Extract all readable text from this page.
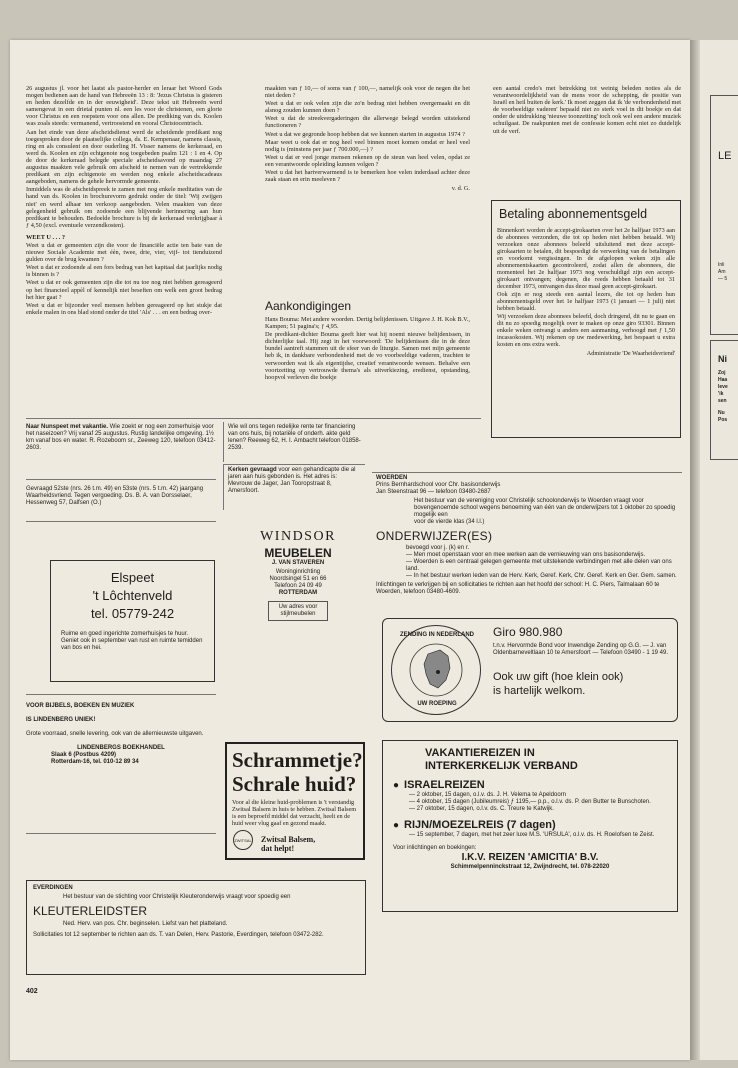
26 augustus jl. voor het laatst als pastor-herder en leraar het Woord Gods mogen bedienen aan de hand van Hebreeën 13 : 8: 'Jezus Christus is gisteren en heden dezelfde en in der eeuwigheid'. Deze tekst uit Hebreeën werd samengevat in een drietal punten nl. een les voor de christenen, een glorie voor Christus en een roepstem voor ons allen. De prediking van ds. Koolen was zoals steeds: vermanend, vertroostend en vooral Christocentrisch.

Aan het einde van deze afscheidsdienst werd de scheidende predikant nog toegesproken door de plaatselijke collega, ds. E. Kempenaar, namens classis, ring en als consulent en door ouderling H. Visser namens de kerkeraad, en werd ds. Koolen en zijn echtgenote nog toegebeden psalm 121 : 1 en 4. Op de door de kerkeraad belegde speciale afscheidsavond op maandag 27 augustus maakten vele gebruik om afscheid te nemen van de vertrekkende predikant en zijn echtgenote en werden nog enkele afscheidscadeaus aangeboden, namens de gehele hervormde gemeente.

Inmiddels was de afscheidspreek te zamen met nog enkele meditaties van de hand van ds. Koolen in brochurevorm gedrukt onder de titel: 'Wij zwijgen niet' en werd alhaar ten verkoop aangeboden. Velen maakten van deze gelegenheid gebruik om zodoende een blijvende herinnering aan hun predikant te behouden. Bedoelde brochure is bij de kerkeraad verkrijgbaar à ƒ 4,50 (excl. eventuele verzendkosten).

WEET U . . . ?

Weet u dat er gemeenten zijn die voor de financiële actie ten bate van de nieuwe Sociale Academie met één, twee, drie, vier, vijf- tot tienduizend gulden over de brug kwamen ?

Weet u dat er zodoende al een fors bedrag van het kapitaal dat jaarlijks nodig is binnen is ?

Weet u dat er ook gemeenten zijn die tot nu toe nog niet hebben gereageerd op het financieel appèl of kennelijk niet beseften om welk een groot bedrag het hier gaat ?

Weet u dat er bijzonder veel mensen hebben gereageerd op het stukje dat enkele malen in ons blad stond onder de titel 'Als' . . . en een bedrag over-

maakten van ƒ 10,— of soms van ƒ 100,—, namelijk ook voor de negen die het niet deden ?

Weet u dat er ook velen zijn die zo'n bedrag niet hebben overgemaakt en dit alsnog zouden kunnen doen ?

Weet u dat de streekvergaderingen die allerwege belegd worden uitstekend functioneren ?

Weet u dat we gegronde hoop hebben dat we kunnen starten in augustus 1974 ?

Maar weet u ook dat er nog heel veel binnen moet komen omdat er heel veel nodig is (minstens per jaar ƒ 700.000,—) ?

Weet u dat er veel jonge mensen rekenen op de steun van heel velen, opdat ze een verantwoorde opleiding kunnen volgen ?

Weet u dat het hartverwarmend is te bemerken hoe velen inderdaad achter deze zaak staan en erin meeleven ?

v. d. G.

Aankondigingen

Hans Bouma: Met andere woorden. Dertig belijdenissen. Uitgave J. H. Kok B.V., Kampen; 51 pagina's; ƒ 4,95.

De predikant-dichter Bouma geeft hier wat hij noemt nieuwe belijdenissen, in dichterlijke taal. Hij zegt in het voorwoord: 'De belijdenissen die in de deze bundel aantreft stammen uit de sfeer van de liturgie. Samen met mijn gemeente heb ik, in dankbare verbondenheid met de vo voorbeeldige vaderen, trachten te verwoorden wat ik als eigentijdse, creatief verantwoorde wensen. Behalve een voortzetting op vertrouwde thema's als uitverkiezing, eredienst, opstanding, hoopvol verleven die boekje

een aantal credo's met betrekking tot weinig beleden noties als de verantwoordelijkheid van de mens voor de schepping, de positie van Israël en heil buiten de kerk.' Ik moet zeggen dat ik 'de verbondenheid met de voorbeeldige vaderen' bepaald niet zo sterk voel in dit boekje en dat onder de uitdrukking 'nieuwe toonzetting' toch ook wel een andere muziek schuilgaat. De raakpunten met de confessie komen echt niet zo duidelijk uit de verf.

Betaling abonnementsgeld

Binnenkort worden de accept-girokaarten over het 2e halfjaar 1973 aan de abonnees verzonden, die tot op heden niet hebben betaald. Wij verzoeken onze abonnees beleefd uitsluitend met deze accept-girokaarten te betalen, dit bespoedigt de verwerking van de betalingen en voorkomt vergissingen. In de afgelopen weken zijn alle abonnementskaarten gecontroleerd, zodat allen de abonnees, die momenteel het 2e halfjaar 1973 nog verschuldigd zijn een accept-girokaart ontvangen; degenen, die reeds hebben betaald tot 31 december 1973, ontvangen dus deze maal geen accept-girokaart.

Ook zijn er nog steeds een aantal lezers, die tot op heden hun abonnementsgeld over het 1e halfjaar 1973 (1 januari — 1 juli) niet hebben betaald.

Wij verzoeken deze abonnees beleefd, doch dringend, dit nu te gaan en dit nu zo spoedig mogelijk over te maken op onze giro 93301. Binnen enkele weken ontvangt u anders een aanmaning, verhoogd met ƒ 1,50 incassokosten. Wij rekenen op uw medewerking, het bespaart u extra kosten en ons extra werk.

Administratie 'De Waarheidsvriend'

Naar Nunspeet met vakantie. Wie zoekt er nog een zomerhuisje voor het naseizoen? Vrij vanaf 25 augustus. Rustig landelijke omgeving. 1½ km vanaf bos en water. R. Rozeboom sr., Zeeweg 120, telefoon 03412-2603.
Gevraagd 52ste (nrs. 26 t.m. 49) en 53ste (nrs. 5 t.m. 42) jaargang Waarheidsvriend. Tegen vergoeding. Ds. B. A. van Dorsselaer, Hessenweg 57, Dalfsen (O.)
Elspeet
't Lôchtenveld
tel. 05779-242
Ruime en goed ingerichte zomerhuisjes te huur. Geniet ook in september van rust en ruimte temidden van bos en hei.
VOOR BIJBELS, BOEKEN EN MUZIEK
IS LINDENBERG UNIEK!
Grote voorraad, snelle levering, ook van de allernieuwste uitgaven.
LINDENBERGS BOEKHANDEL
Slaak 6 (Postbus 4209)
Rotterdam-16, tel. 010-12 89 34
Wie wil ons tegen redelijke rente ter financiering van ons huis, bij notariële of onderh. akte geld lenen? Reeweg 62, H. I. Ambacht telefoon 01858-2539.
Kerken gevraagd voor een gehandicapte die al jaren aan huis gebonden is. Het adres is: Mevrouw de Jager, Jan Tooropstraat 8, Amersfoort.
WINDSOR
MEUBELEN
J. VAN STAVEREN
Woninginrichting
Noordsingel 51 en 66
Telefoon 24 09 49
ROTTERDAM
Uw adres voor
stijlmeubelen
Schrammetje?
Schrale huid?
Voor al die kleine huid-problemen is 't verstandig Zwitsal Balsem in huis te hebben. Zwitsal Balsem is een beproefd middel dat verzacht, heelt en de huid weer vlug gaaf en gezond maakt.
ZWITSAL Zwitsal Balsem,
dat helpt!
WOERDEN
Prins Bernhardschool voor Chr. basisonderwijs
Jan Steenstraat 96 — telefoon 03480-2687
Het bestuur van de vereniging voor Christelijk schoolonderwijs te Woerden vraagt voor bovengenoemde school wegens benoeming van één van de onderwijzers tot 1 oktober zo spoedig mogelijk een
voor de vierde klas (34 l.l.)
ONDERWIJZER(ES)
bevoegd voor j. (k) en r.
— Men moet openstaan voor en mee werken aan de vernieuwing van ons basisonderwijs.
— Woerden is een centraal gelegen gemeente met uitstekende verbindingen met alle delen van ons land.
— In het bestuur werken leden van de Herv. Kerk, Geref. Kerk, Chr. Geref. Kerk en Ger. Gem. samen.
Inlichtingen te verkrijgen bij en sollicitaties te richten aan het hoofd der school: H. C. Piers, Talmalaan 60 te Woerden, telefoon 03480-4609.
ZENDING IN NEDERLAND
UW ROEPING
Giro 980.980
t.n.v. Hervormde Bond voor Inwendige Zending op G.G. — J. van Oldenbarneveltlaan 10 te Amersfoort — Telefoon 03490 - 1 19 49.
Ook uw gift (hoe klein ook)
is hartelijk welkom.
VAKANTIEREIZEN IN
INTERKERKELIJK VERBAND
● ISRAELREIZEN
— 2 oktober, 15 dagen, o.l.v. ds. J. H. Velema te Apeldoorn
— 4 oktober, 15 dagen (Jubileumreis) ƒ 1195,— p.p., o.l.v. ds. P. den Butter te Bunschoten.
— 27 oktober, 15 dagen, o.l.v. ds. C. Treure te Katwijk.
● RIJN/MOEZELREIS (7 dagen)
— 15 september, 7 dagen, met het zeer luxe M.S. 'URSULA', o.l.v. ds. H. Roelofsen te Zeist.
Voor inlichtingen en boekingen:
I.K.V. REIZEN 'AMICITIA' B.V.
Schimmelpenninckstraat 12, Zwijndrecht, tel. 078-22020
EVERDINGEN
Het bestuur van de stichting voor Christelijk Kleuteronderwijs vraagt voor spoedig een
KLEUTERLEIDSTER
Ned. Herv. van pos. Chr. beginselen. Liefst van het platteland.
Sollicitaties tot 12 september te richten aan ds. T. van Delen, Herv. Pastorie, Everdingen, telefoon 03472-282.
402
LE
Inli
Am
— 5
Ni
Zoj
Haa
leve
'ik
sen
Nu
Pos
